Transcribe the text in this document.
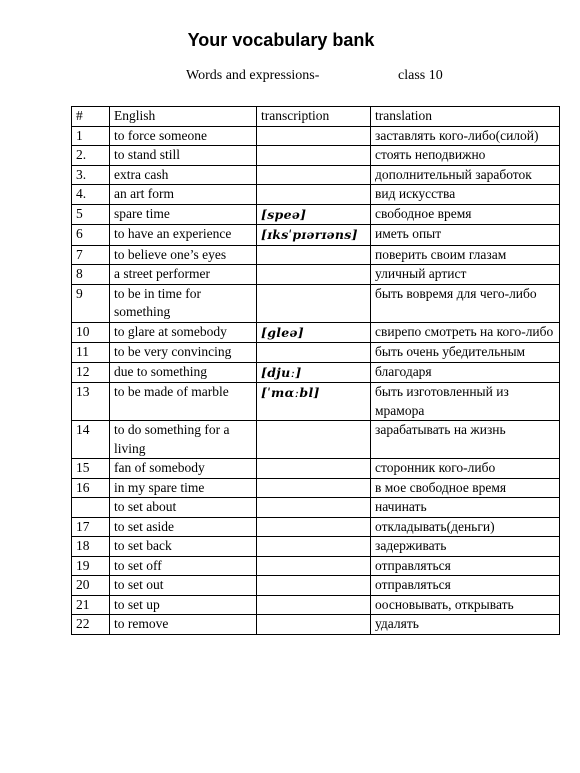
Your vocabulary bank
Words and expressions-	class 10
#	English	transcription	translation
1	to force someone		заставлять кого-либо(силой)
2.	to stand still		стоять неподвижно
3.	extra cash		дополнительный заработок
4.	an art form		вид искусства
5	spare time	[speə]	свободное время
6	to have an experience	[ɪksˈpɪərɪəns]	иметь опыт
7	to believe one’s eyes		поверить своим глазам
8	a street performer		уличный артист
9	to be in time for something		быть вовремя для чего-либо
10	to glare at somebody	[gleə]	свирепо смотреть на кого-либо
11	to be very convincing		быть очень убедительным
12	due to something	[djuː]	благодаря
13	to be made of marble	[ˈmɑːbl]	быть изготовленный из мрамора
14	to do something for a living		зарабатывать на жизнь
15	fan of somebody		сторонник кого-либо
16	in my spare time		в мое свободное время
	to set about		начинать
17	to set aside		откладывать(деньги)
18	to set back		задерживать
19	to set off		отправляться
20	to set out		отправляться
21	to set up		оосновывать, открывать
22	to remove		удалять
